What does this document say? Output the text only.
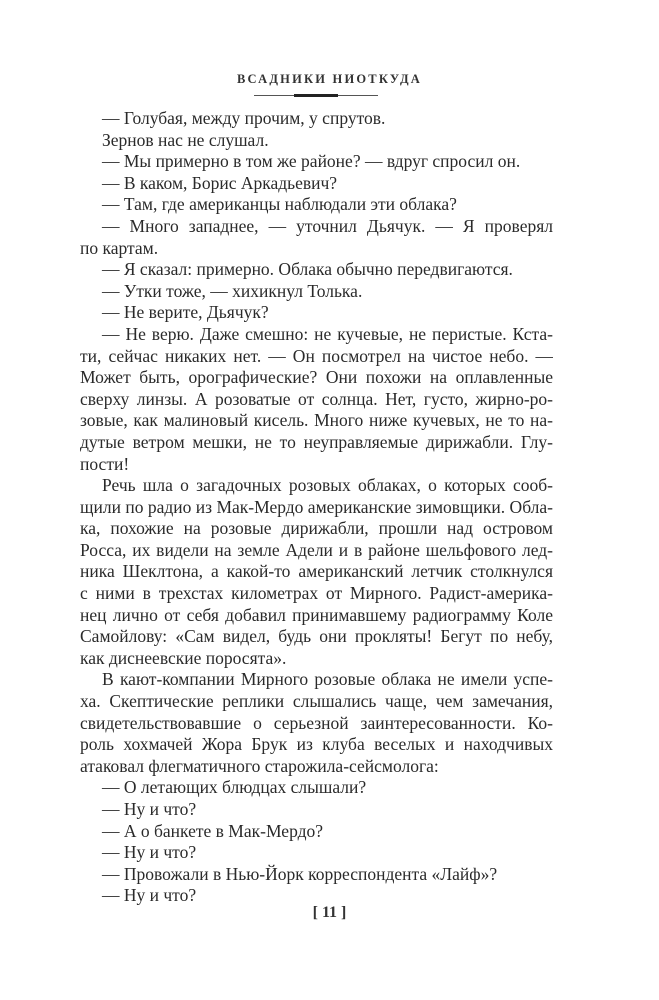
ВСАДНИКИ НИОТКУДА
— Голубая, между прочим, у спрутов.
Зернов нас не слушал.
— Мы примерно в том же районе? — вдруг спросил он.
— В каком, Борис Аркадьевич?
— Там, где американцы наблюдали эти облака?
— Много западнее, — уточнил Дьячук. — Я проверял
по картам.
— Я сказал: примерно. Облака обычно передвигаются.
— Утки тоже, — хихикнул Толька.
— Не верите, Дьячук?
— Не верю. Даже смешно: не кучевые, не перистые. Кста-
ти, сейчас никаких нет. — Он посмотрел на чистое небо. —
Может быть, орографические? Они похожи на оплавленные
сверху линзы. А розоватые от солнца. Нет, густо, жирно-ро-
зовые, как малиновый кисель. Много ниже кучевых, не то на-
дутые ветром мешки, не то неуправляемые дирижабли. Глу-
пости!
Речь шла о загадочных розовых облаках, о которых сооб-
щили по радио из Мак-Мердо американские зимовщики. Обла-
ка, похожие на розовые дирижабли, прошли над островом
Росса, их видели на земле Адели и в районе шельфового лед-
ника Шеклтона, а какой-то американский летчик столкнулся
с ними в трехстах километрах от Мирного. Радист-америка-
нец лично от себя добавил принимавшему радиограмму Коле
Самойлову: «Сам видел, будь они прокляты! Бегут по небу,
как диснеевские поросята».
В кают-компании Мирного розовые облака не имели успе-
ха. Скептические реплики слышались чаще, чем замечания,
свидетельствовавшие о серьезной заинтересованности. Ко-
роль хохмачей Жора Брук из клуба веселых и находчивых
атаковал флегматичного старожила-сейсмолога:
— О летающих блюдцах слышали?
— Ну и что?
— А о банкете в Мак-Мердо?
— Ну и что?
— Провожали в Нью-Йорк корреспондента «Лайф»?
— Ну и что?
[ 11 ]
